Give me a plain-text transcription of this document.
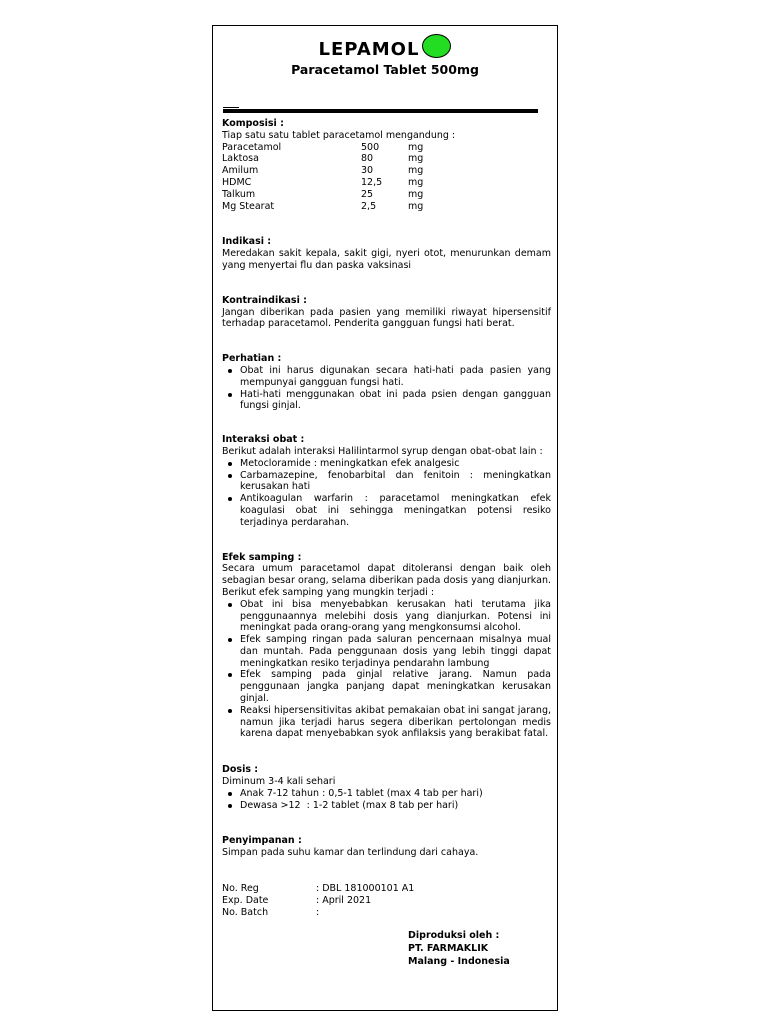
LEPAMOL
Paracetamol Tablet 500mg
Komposisi :
Tiap satu satu tablet paracetamol mengandung :
Paracetamol	500	mg
Laktosa	80	mg
Amilum	30	mg
HDMC	12,5	mg
Talkum	25	mg
Mg Stearat	2,5	mg
Indikasi :
Meredakan sakit kepala, sakit gigi, nyeri otot, menurunkan demam yang menyertai flu dan paska vaksinasi
Kontraindikasi :
Jangan diberikan pada pasien yang memiliki riwayat hipersensitif terhadap paracetamol. Penderita gangguan fungsi hati berat.
Perhatian :
Obat ini harus digunakan secara hati-hati pada pasien yang mempunyai gangguan fungsi hati.
Hati-hati menggunakan obat ini pada psien dengan gangguan fungsi ginjal.
Interaksi obat :
Berikut adalah interaksi Halilintarmol syrup dengan obat-obat lain :
Metocloramide : meningkatkan efek analgesic
Carbamazepine, fenobarbital dan fenitoin : meningkatkan kerusakan hati
Antikoagulan warfarin : paracetamol meningkatkan efek koagulasi obat ini sehingga meningatkan potensi resiko terjadinya perdarahan.
Efek samping :
Secara umum paracetamol dapat ditoleransi dengan baik oleh sebagian besar orang, selama diberikan pada dosis yang dianjurkan. Berikut efek samping yang mungkin terjadi :
Obat ini bisa menyebabkan kerusakan hati terutama jika penggunaannya melebihi dosis yang dianjurkan. Potensi ini meningkat pada orang-orang yang mengkonsumsi alcohol.
Efek samping ringan pada saluran pencernaan misalnya mual dan muntah. Pada penggunaan dosis yang lebih tinggi dapat meningkatkan resiko terjadinya pendarahn lambung
Efek samping pada ginjal relative jarang. Namun pada penggunaan jangka panjang dapat meningkatkan kerusakan ginjal.
Reaksi hipersensitivitas akibat pemakaian obat ini sangat jarang, namun jika terjadi harus segera diberikan pertolongan medis karena dapat menyebabkan syok anfilaksis yang berakibat fatal.
Dosis :
Diminum 3-4 kali sehari
Anak 7-12 tahun : 0,5-1 tablet (max 4 tab per hari)
Dewasa >12  : 1-2 tablet (max 8 tab per hari)
Penyimpanan :
Simpan pada suhu kamar dan terlindung dari cahaya.
No. Reg	: DBL 181000101 A1
Exp. Date	: April 2021
No. Batch	:
Diproduksi oleh :
PT. FARMAKLIK
Malang - Indonesia
